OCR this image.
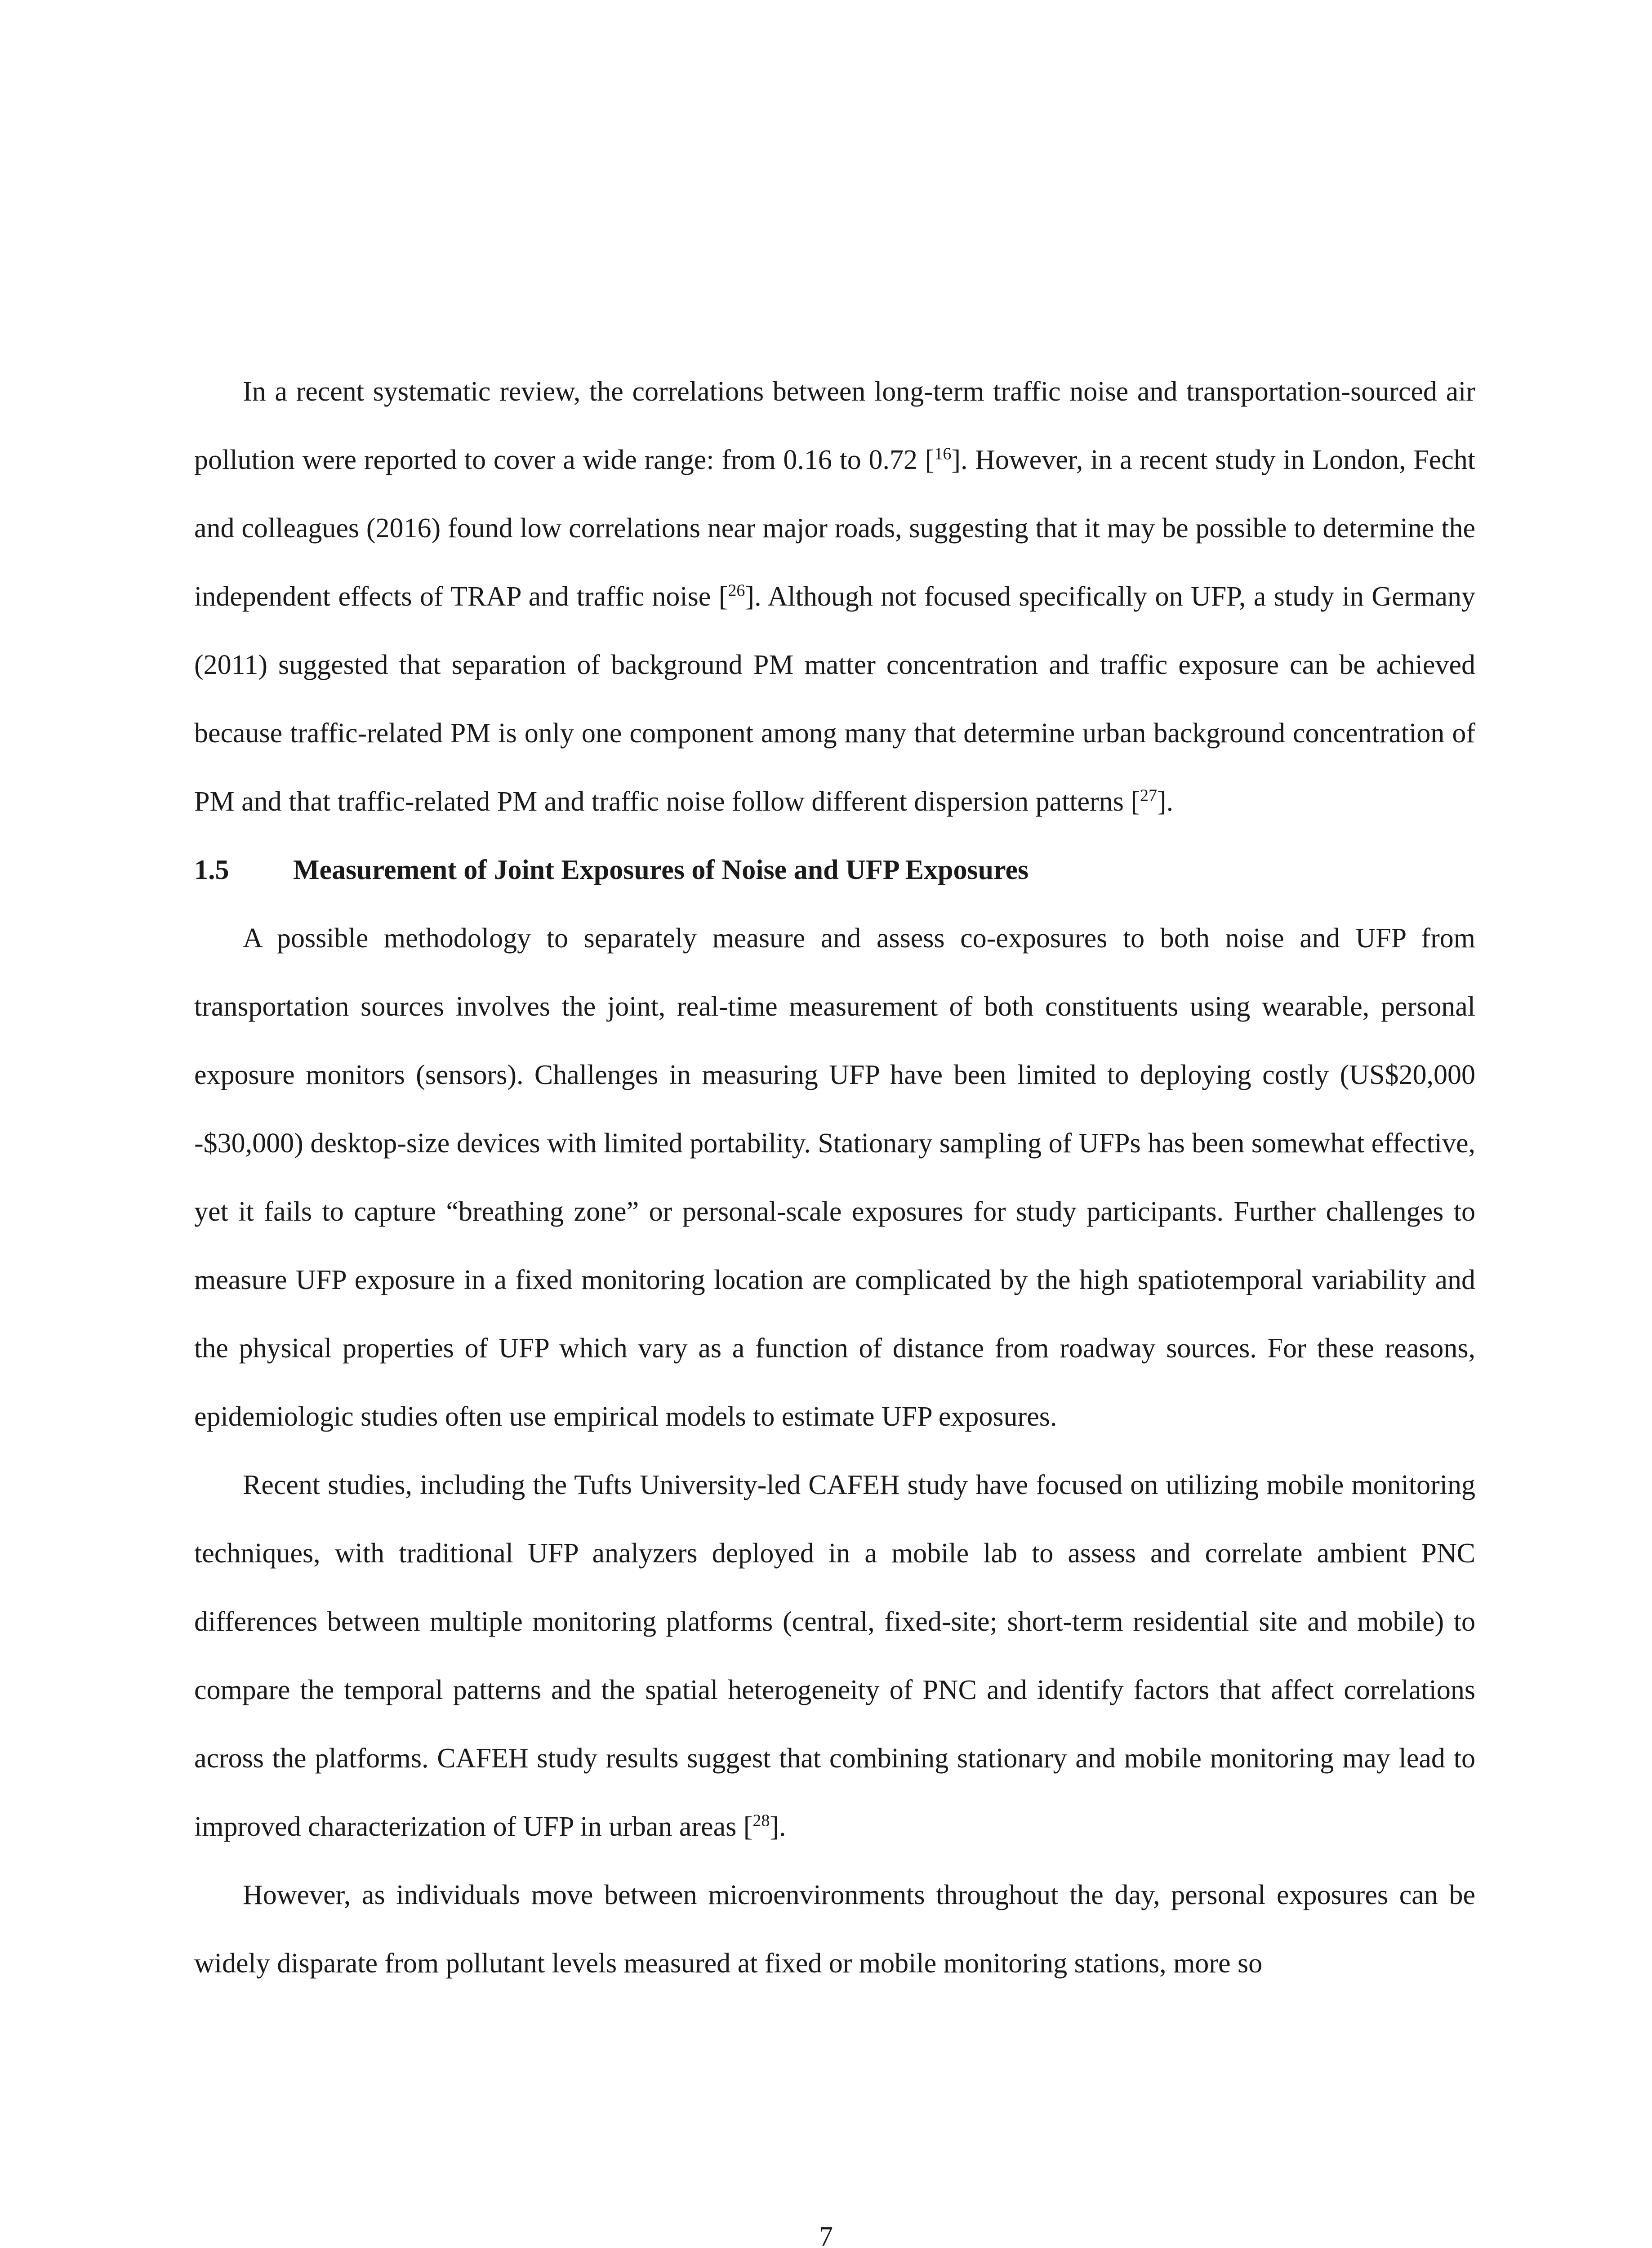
In a recent systematic review, the correlations between long-term traffic noise and transportation-sourced air pollution were reported to cover a wide range: from 0.16 to 0.72 [$^{16}$]. However, in a recent study in London, Fecht and colleagues (2016) found low correlations near major roads, suggesting that it may be possible to determine the independent effects of TRAP and traffic noise [$^{26}$]. Although not focused specifically on UFP, a study in Germany (2011) suggested that separation of background PM matter concentration and traffic exposure can be achieved because traffic-related PM is only one component among many that determine urban background concentration of PM and that traffic-related PM and traffic noise follow different dispersion patterns [$^{27}$].

1.5 Measurement of Joint Exposures of Noise and UFP Exposures

A possible methodology to separately measure and assess co-exposures to both noise and UFP from transportation sources involves the joint, real-time measurement of both constituents using wearable, personal exposure monitors (sensors). Challenges in measuring UFP have been limited to deploying costly (US$20,000 -$30,000) desktop-size devices with limited portability. Stationary sampling of UFPs has been somewhat effective, yet it fails to capture “breathing zone” or personal-scale exposures for study participants. Further challenges to measure UFP exposure in a fixed monitoring location are complicated by the high spatiotemporal variability and the physical properties of UFP which vary as a function of distance from roadway sources. For these reasons, epidemiologic studies often use empirical models to estimate UFP exposures.

Recent studies, including the Tufts University-led CAFEH study have focused on utilizing mobile monitoring techniques, with traditional UFP analyzers deployed in a mobile lab to assess and correlate ambient PNC differences between multiple monitoring platforms (central, fixed-site; short-term residential site and mobile) to compare the temporal patterns and the spatial heterogeneity of PNC and identify factors that affect correlations across the platforms. CAFEH study results suggest that combining stationary and mobile monitoring may lead to improved characterization of UFP in urban areas [$^{28}$].

However, as individuals move between microenvironments throughout the day, personal exposures can be widely disparate from pollutant levels measured at fixed or mobile monitoring stations, more so

7
